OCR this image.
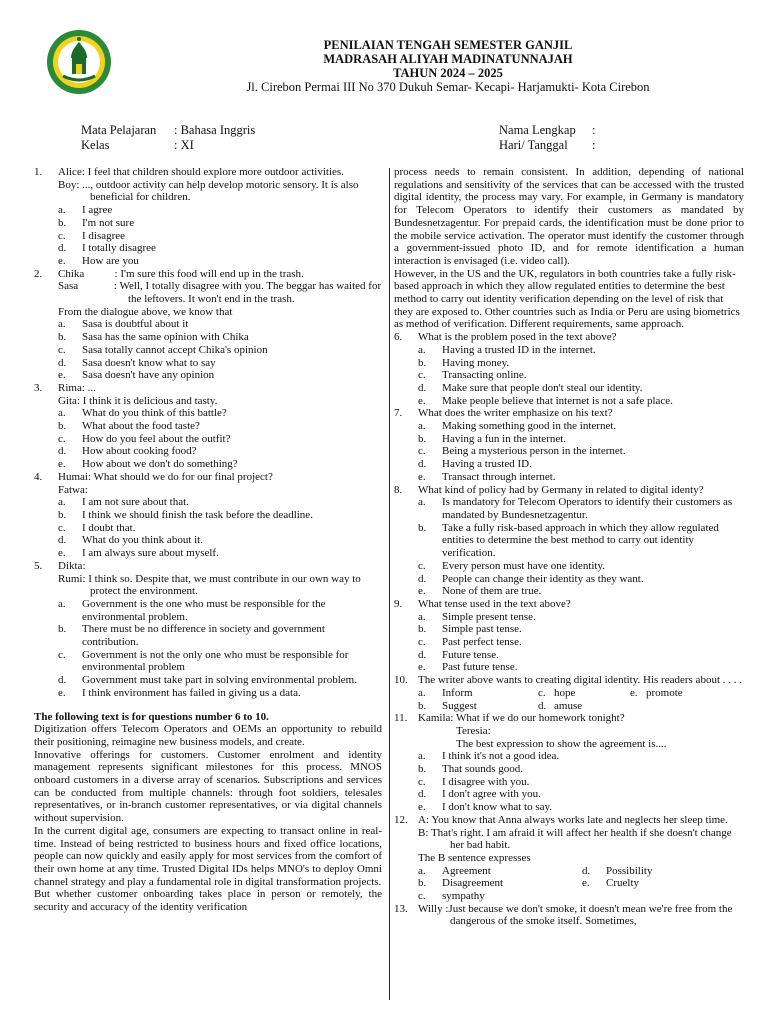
PENILAIAN TENGAH SEMESTER GANJIL
MADRASAH ALIYAH MADINATUNNAJAH
TAHUN 2024 – 2025
Jl. Cirebon Permai III No 370 Dukuh Semar- Kecapi- Harjamukti- Kota Cirebon
Mata Pelajaran : Bahasa Inggris
Kelas	: XI
Nama Lengkap :
Hari/ Tanggal :
1. Alice: I feel that children should explore more outdoor activities.
Boy: ..., outdoor activity can help develop motoric sensory. It is also beneficial for children.
a. I agree
b. I'm not sure
c. I disagree
d. I totally disagree
e. How are you
2. Chika           : I'm sure this food will end up in the trash.
Sasa             : Well, I totally disagree with you. The beggar has waited for the leftovers. It won't end in the trash.
From the dialogue above, we know that
a. Sasa is doubtful about it
b. Sasa has the same opinion with Chika
c. Sasa totally cannot accept Chika's opinion
d. Sasa doesn't know what to say
e. Sasa doesn't have any opinion
3. Rima: ...
Gita: I think it is delicious and tasty.
a. What do you think of this battle?
b. What about the food taste?
c. How do you feel about the outfit?
d. How about cooking food?
e. How about we don't do something?
4. Humai: What should we do for our final project?
Fatwa:
a. I am not sure about that.
b. I think we should finish the task before the deadline.
c. I doubt that.
d. What do you think about it.
e. I am always sure about myself.
5. Dikta:
Rumi: I think so. Despite that, we must contribute in our own way to protect the environment.
a. Government is the one who must be responsible for the environmental problem.
b. There must be no difference in society and government contribution.
c. Government is not the only one who must be responsible for environmental problem
d. Government must take part in solving environmental problem.
e. I think environment has failed in giving us a data.
The following text is for questions number 6 to 10.
Digitization offers Telecom Operators and OEMs an opportunity to rebuild their positioning, reimagine new business models, and create.
Innovative offerings for customers. Customer enrolment and identity management represents significant milestones for this process. MNOS onboard customers in a diverse array of scenarios. Subscriptions and services can be conducted from multiple channels: through foot soldiers, telesales representatives, or in-branch customer representatives, or via digital channels without supervision.
In the current digital age, consumers are expecting to transact online in real-time. Instead of being restricted to business hours and fixed office locations, people can now quickly and easily apply for most services from the comfort of their own home at any time. Trusted Digital IDs helps MNO's to deploy Omni channel strategy and play a fundamental role in digital transformation projects.
But whether customer onboarding takes place in person or remotely, the security and accuracy of the identity verification
process needs to remain consistent. In addition, depending of national regulations and sensitivity of the services that can be accessed with the trusted digital identity, the process may vary. For example, in Germany is mandatory for Telecom Operators to identify their customers as mandated by Bundesnetzagentur. For prepaid cards, the identification must be done prior to the mobile service activation. The operator must identify the customer through a government-issued photo ID, and for remote identification a human interaction is envisaged (i.e. video call).
However, in the US and the UK, regulators in both countries take a fully risk-based approach in which they allow regulated entities to determine the best method to carry out identity verification depending on the level of risk that they are exposed to. Other countries such as India or Peru are using biometrics as method of verification. Different requirements, same approach.
6. What is the problem posed in the text above?
a. Having a trusted ID in the internet.
b. Having money.
c. Transacting online.
d. Make sure that people don't steal our identity.
e. Make people believe that internet is not a safe place.
7. What does the writer emphasize on his text?
a. Making something good in the internet.
b. Having a fun in the internet.
c. Being a mysterious person in the internet.
d. Having a trusted ID.
e. Transact through internet.
8. What kind of policy had by Germany in related to digital identy?
a. Is mandatory for Telecom Operators to identify their customers as mandated by Bundesnetzagentur.
b. Take a fully risk-based approach in which they allow regulated entities to determine the best method to carry out identity verification.
c. Every person must have one identity.
d. People can change their identity as they want.
e. None of them are true.
9. What tense used in the text above?
a. Simple present tense.
b. Simple past tense.
c. Past perfect tense.
d. Future tense.
e. Past future tense.
10. The writer above wants to creating digital identity. His readers about . . . .
a. Inform	c. hope	e. promote
b. Suggest	d. amuse
11. Kamila: What if we do our homework tonight?
Teresia:
The best expression to show the agreement is....
a. I think it's not a good idea.
b. That sounds good.
c. I disagree with you.
d. I don't agree with you.
e. I don't know what to say.
12. A: You know that Anna always works late and neglects her sleep time.
B: That's right. I am afraid it will affect her health if she doesn't change her bad habit.
The B sentence expresses
a. Agreement	d. Possibility
b. Disagreement	e. Cruelty
c. sympathy
13. Willy :Just because we don't smoke, it doesn't mean we're free from the dangerous of the smoke itself. Sometimes,
